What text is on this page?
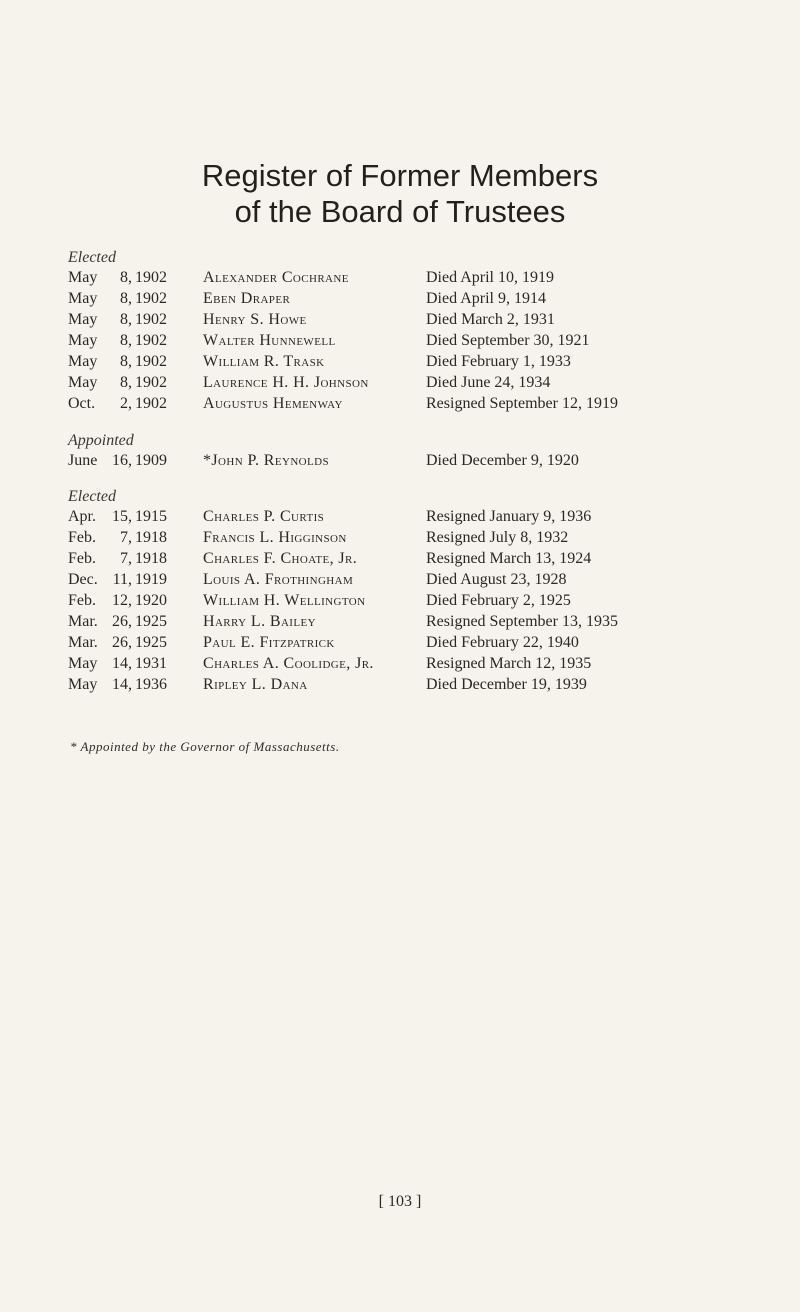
Register of Former Members
of the Board of Trustees
Elected
May	8, 1902 Alexander Cochrane	Died April 10, 1919
May	8, 1902 Eben Draper	Died April 9, 1914
May	8, 1902 Henry S. Howe	Died March 2, 1931
May	8, 1902 Walter Hunnewell	Died September 30, 1921
May	8, 1902 William R. Trask	Died February 1, 1933
May	8, 1902 Laurence H. H. Johnson	Died June 24, 1934
Oct.	2, 1902 Augustus Hemenway	Resigned September 12, 1919
Appointed
June 16, 1909 *John P. Reynolds	Died December 9, 1920
Elected
Apr.	15, 1915 Charles P. Curtis	Resigned January 9, 1936
Feb.	7, 1918 Francis L. Higginson	Resigned July 8, 1932
Feb.	7, 1918 Charles F. Choate, Jr.	Resigned March 13, 1924
Dec. 11, 1919 Louis A. Frothingham	Died August 23, 1928
Feb.	12, 1920 William H. Wellington	Died February 2, 1925
Mar. 26, 1925 Harry L. Bailey	Resigned September 13, 1935
Mar. 26, 1925 Paul E. Fitzpatrick	Died February 22, 1940
May 14, 1931 Charles A. Coolidge, Jr.	Resigned March 12, 1935
May 14, 1936 Ripley L. Dana	Died December 19, 1939
* Appointed by the Governor of Massachusetts.
[ 103 ]
